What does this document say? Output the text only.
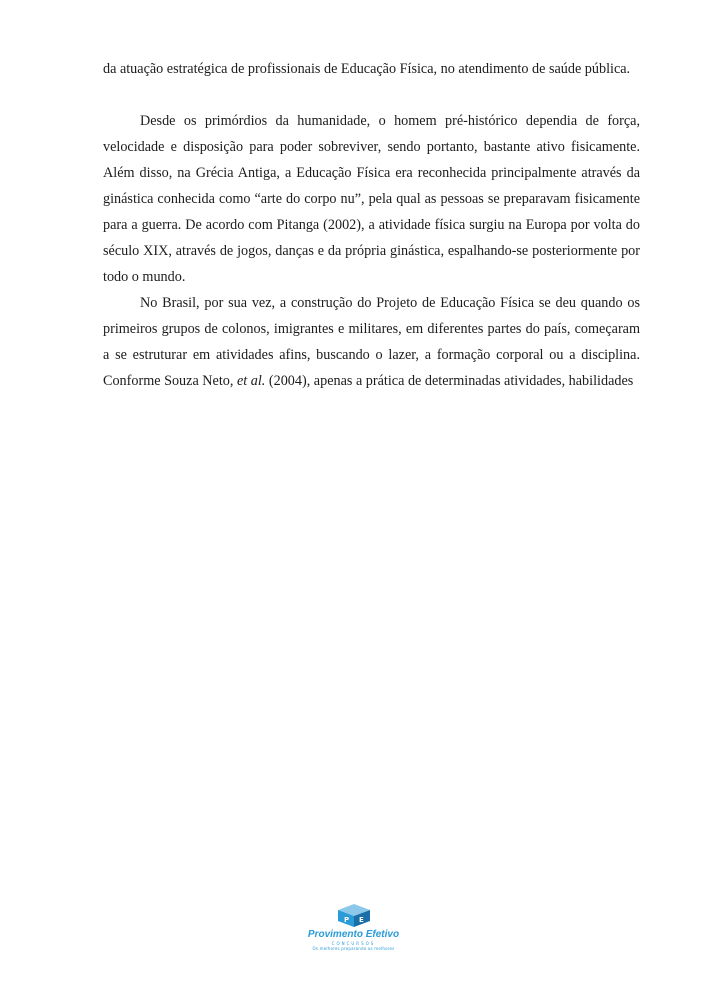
da atuação estratégica de profissionais de Educação Física, no atendimento de saúde pública.

Desde os primórdios da humanidade, o homem pré-histórico dependia de força, velocidade e disposição para poder sobreviver, sendo portanto, bastante ativo fisicamente. Além disso, na Grécia Antiga, a Educação Física era reconhecida principalmente através da ginástica conhecida como “arte do corpo nu”, pela qual as pessoas se preparavam fisicamente para a guerra. De acordo com Pitanga (2002), a atividade física surgiu na Europa por volta do século XIX, através de jogos, danças e da própria ginástica, espalhando-se posteriormente por todo o mundo.

No Brasil, por sua vez, a construção do Projeto de Educação Física se deu quando os primeiros grupos de colonos, imigrantes e militares, em diferentes partes do país, começaram a se estruturar em atividades afins, buscando o lazer, a formação corporal ou a disciplina. Conforme Souza Neto, et al. (2004), apenas a prática de determinadas atividades, habilidades

P E
Provimento Efetivo
CONCURSOS
Os melhores preparando os melhores
